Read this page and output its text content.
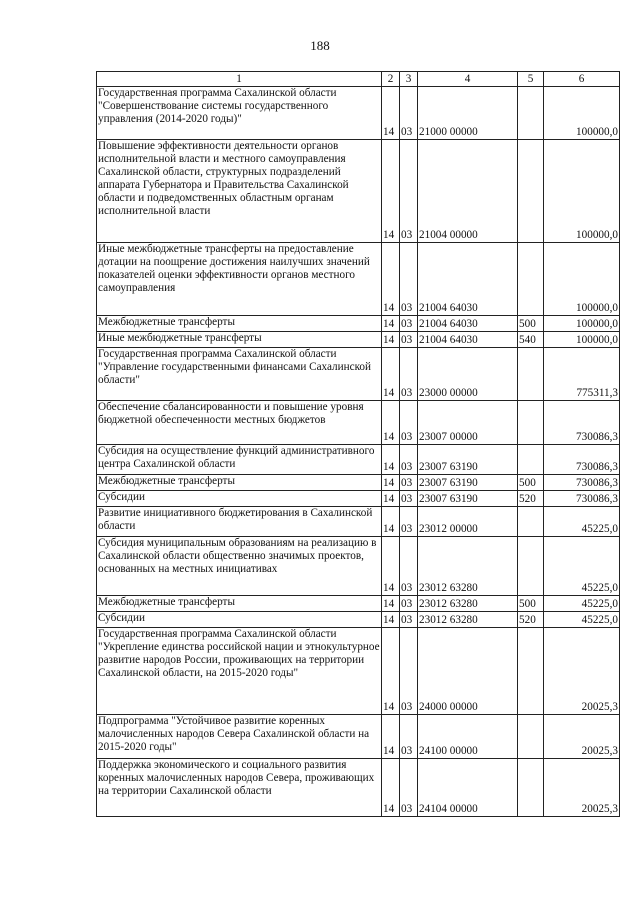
188
1	2	3	4	5	6
Государственная программа Сахалинской области "Совершенствование системы государственного управления (2014-2020 годы)"	14	03	21000 00000		100000,0
Повышение эффективности деятельности органов исполнительной власти и местного самоуправления Сахалинской области, структурных подразделений аппарата Губернатора и Правительства Сахалинской области и подведомственных областным органам исполнительной власти	14	03	21004 00000		100000,0
Иные межбюджетные трансферты на предоставление дотации на поощрение достижения наилучших значений показателей оценки эффективности органов местного самоуправления	14	03	21004 64030		100000,0
Межбюджетные трансферты	14	03	21004 64030	500	100000,0
Иные межбюджетные трансферты	14	03	21004 64030	540	100000,0
Государственная программа Сахалинской области "Управление государственными финансами Сахалинской области"	14	03	23000 00000		775311,3
Обеспечение сбалансированности и повышение уровня бюджетной обеспеченности местных бюджетов	14	03	23007 00000		730086,3
Субсидия на осуществление функций административного центра Сахалинской области	14	03	23007 63190		730086,3
Межбюджетные трансферты	14	03	23007 63190	500	730086,3
Субсидии	14	03	23007 63190	520	730086,3
Развитие инициативного бюджетирования в Сахалинской области	14	03	23012 00000		45225,0
Субсидия муниципальным образованиям на реализацию в Сахалинской области общественно значимых проектов, основанных на местных инициативах	14	03	23012 63280		45225,0
Межбюджетные трансферты	14	03	23012 63280	500	45225,0
Субсидии	14	03	23012 63280	520	45225,0
Государственная программа Сахалинской области "Укрепление единства российской нации и этнокультурное развитие народов России, проживающих на территории Сахалинской области, на 2015-2020 годы"	14	03	24000 00000		20025,3
Подпрограмма "Устойчивое развитие коренных малочисленных народов Севера Сахалинской области на 2015-2020 годы"	14	03	24100 00000		20025,3
Поддержка экономического и социального развития коренных малочисленных народов Севера, проживающих на территории Сахалинской области	14	03	24104 00000		20025,3
